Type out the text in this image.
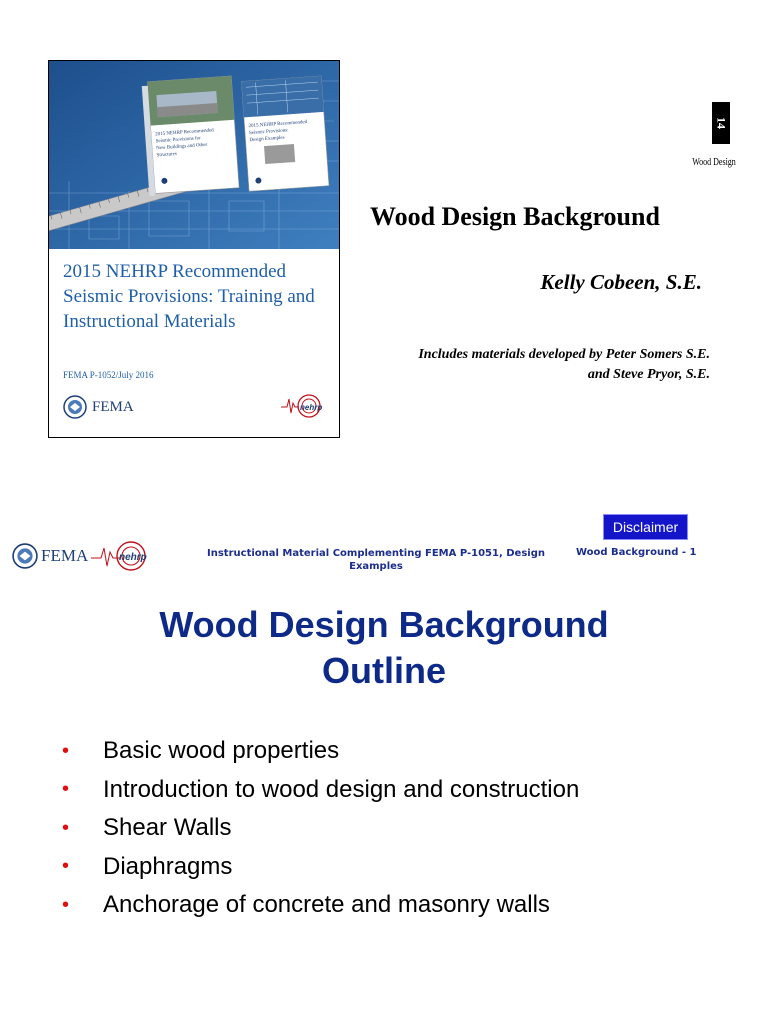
2015 NEHRP Recommended
Seismic Provisions for
New Buildings and Other
Structures
2015 NEHRP Recommended
Seismic Provisions:
Design Examples
2015 NEHRP Recommended Seismic Provisions: Training and Instructional Materials
FEMA P-1052/July 2016
FEMA	nehrp
14
Wood Design
Wood Design Background
Kelly Cobeen, S.E.
Includes materials developed by Peter Somers S.E. and Steve Pryor, S.E.
Disclaimer
FEMA	nehrp	Instructional Material Complementing FEMA P-1051, Design Examples
Wood Background - 1
Wood Design Background
Outline
•	Basic wood properties
•	Introduction to wood design and construction
•	Shear Walls
•	Diaphragms
•	Anchorage of concrete and masonry walls
